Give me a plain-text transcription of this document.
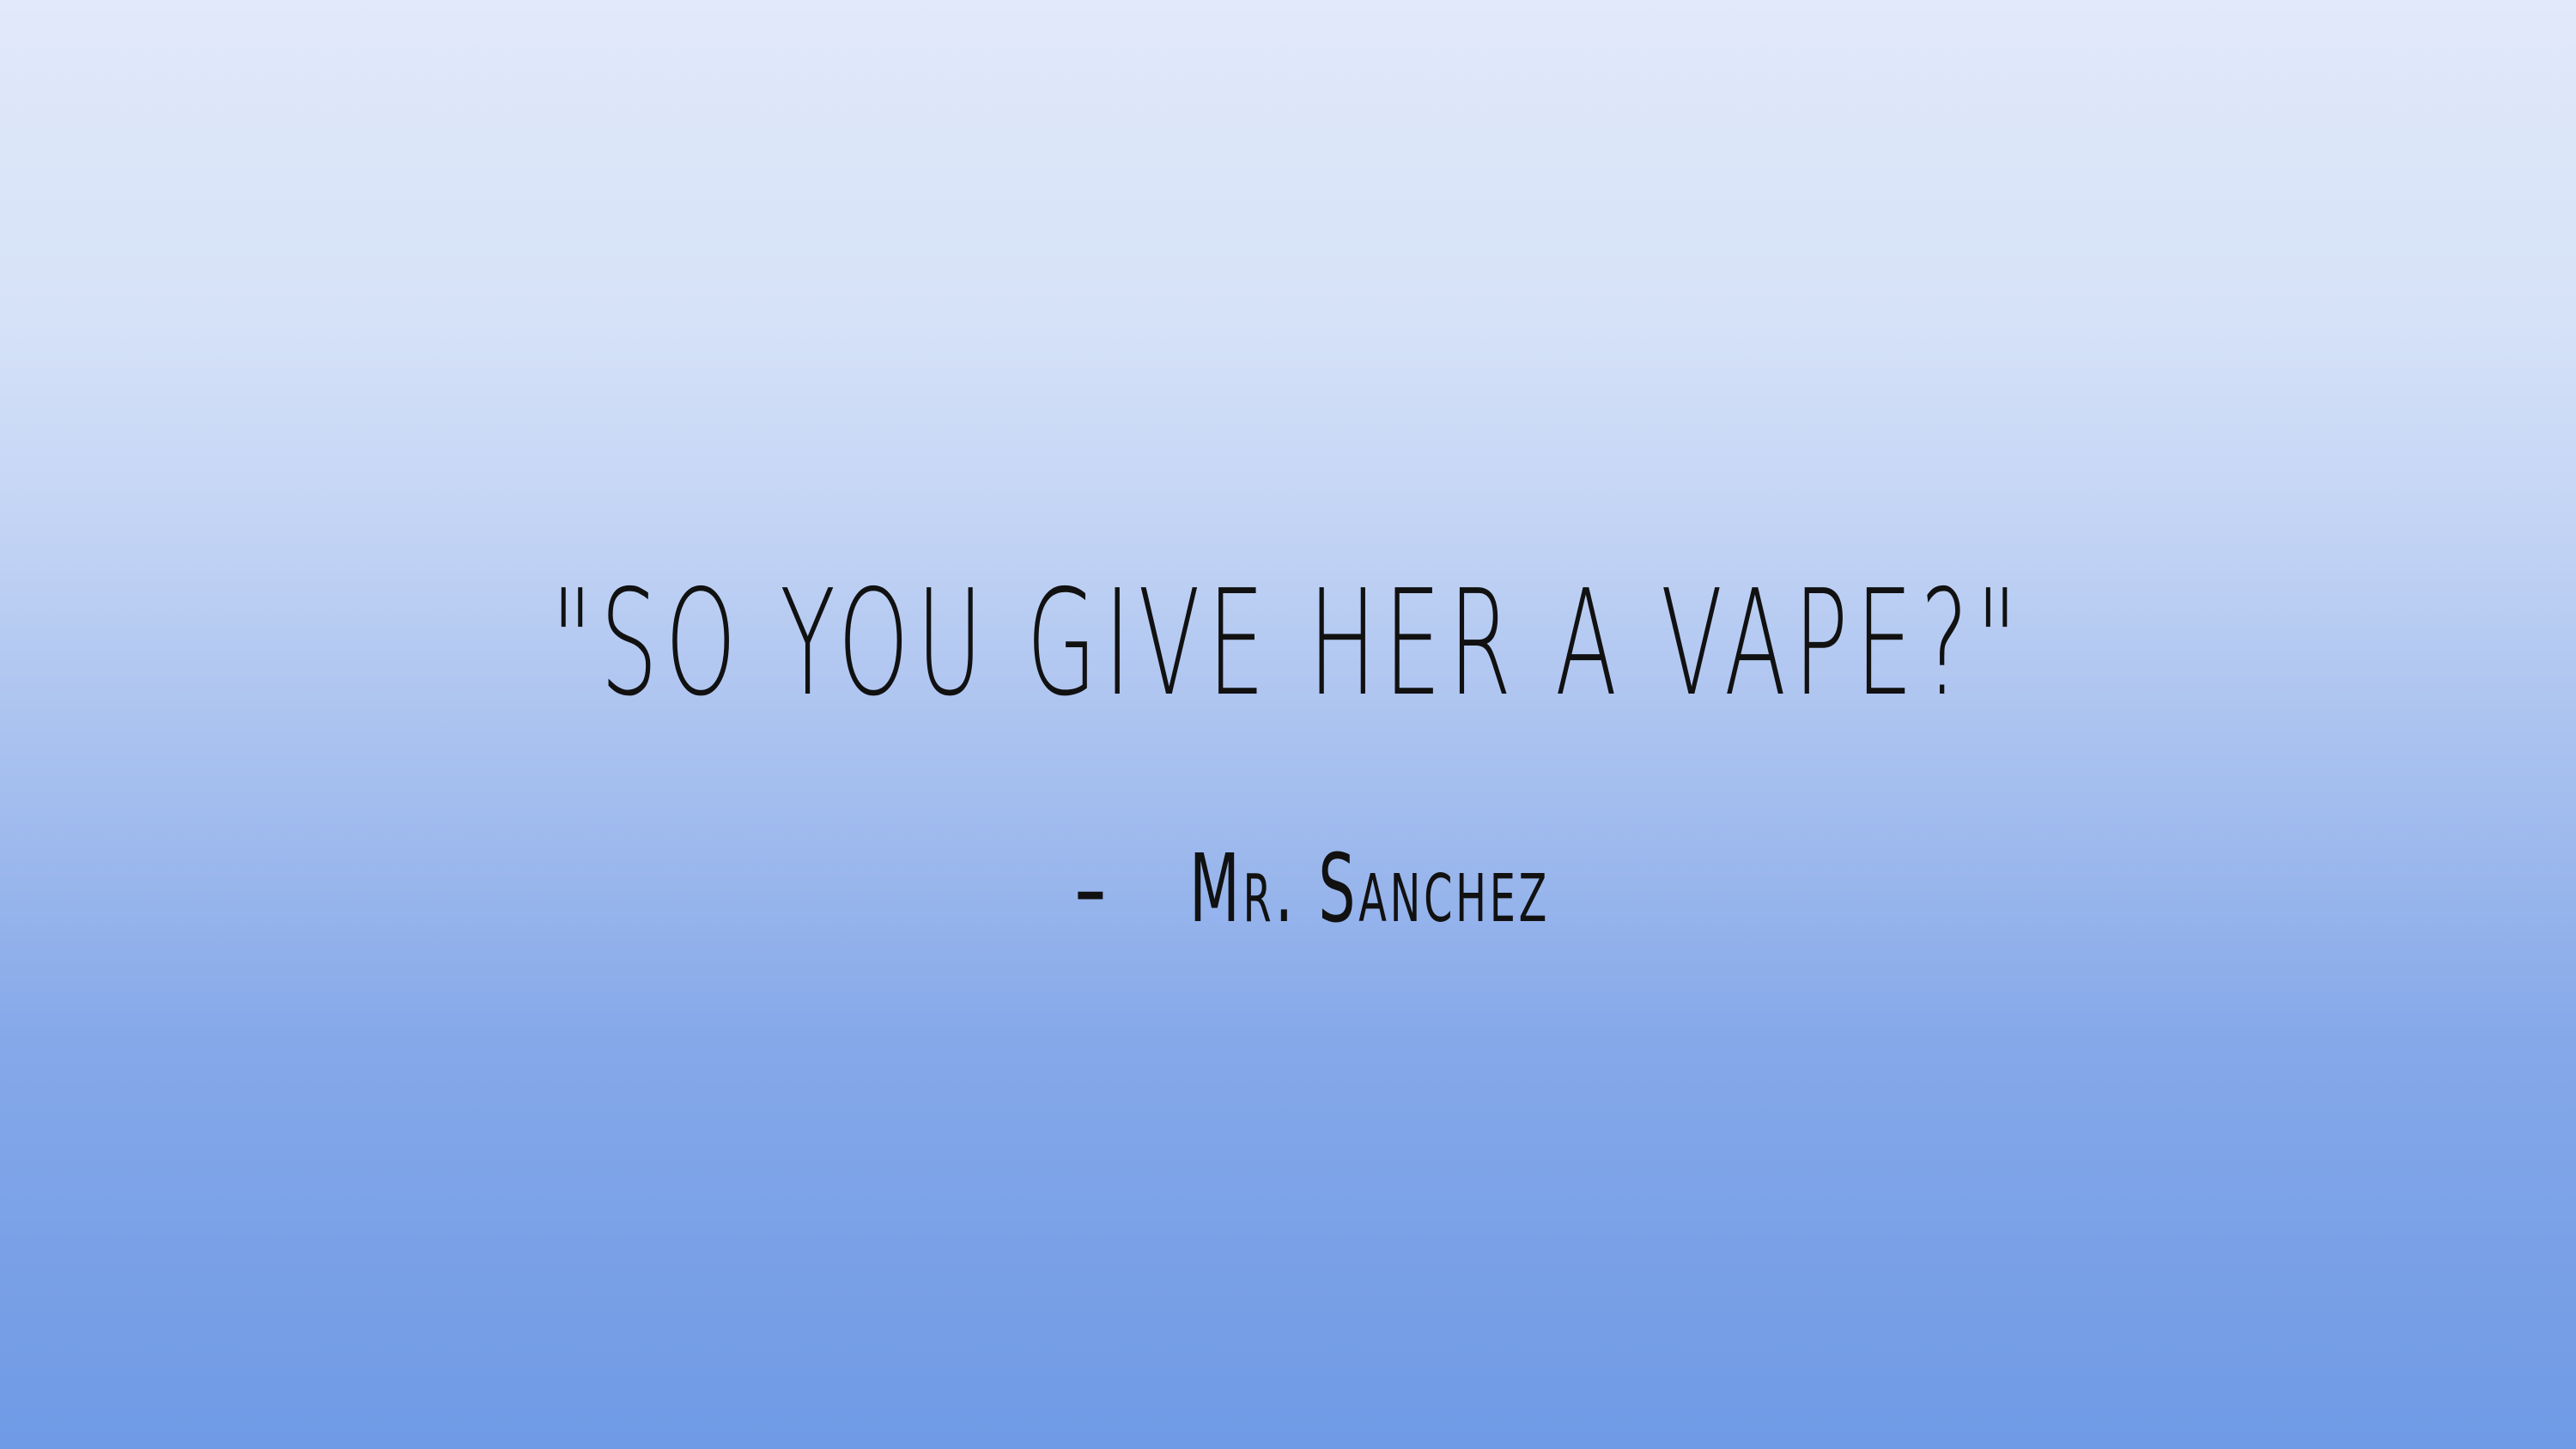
"SO YOU GIVE HER A VAPE?"
- Mr. Sanchez
